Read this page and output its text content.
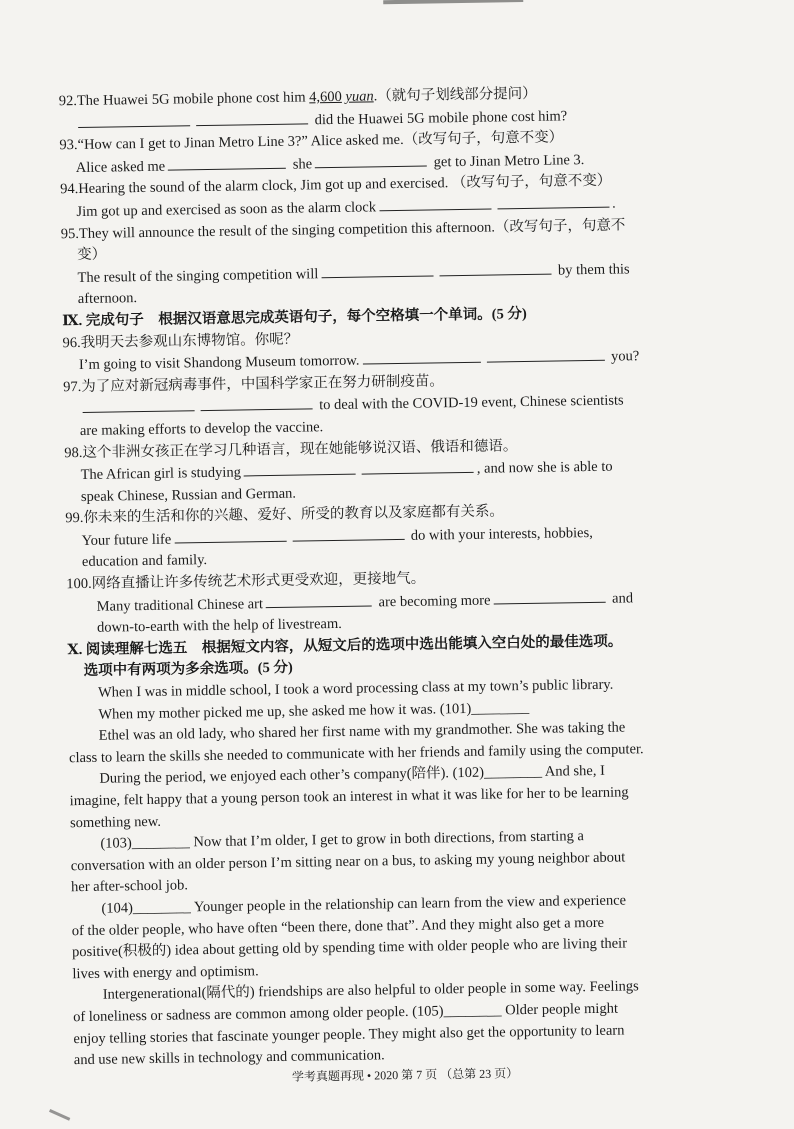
92.The Huawei 5G mobile phone cost him 4,600 yuan.（就句子划线部分提问）

did the Huawei 5G mobile phone cost him?

93.“How can I get to Jinan Metro Line 3?” Alice asked me.（改写句子，句意不变）

Alice asked me	she	get to Jinan Metro Line 3.

94.Hearing the sound of the alarm clock, Jim got up and exercised. （改写句子，句意不变）

Jim got up and exercised as soon as the alarm clock	.

95.They will announce the result of the singing competition this afternoon.（改写句子，句意不

变）

The result of the singing competition will	by them this

afternoon.

Ⅸ. 完成句子　根据汉语意思完成英语句子，每个空格填一个单词。(5 分)

96.我明天去参观山东博物馆。你呢？

I’m going to visit Shandong Museum tomorrow.	you?

97.为了应对新冠病毒事件，中国科学家正在努力研制疫苗。

to deal with the COVID-19 event, Chinese scientists

are making efforts to develop the vaccine.

98.这个非洲女孩正在学习几种语言，现在她能够说汉语、俄语和德语。

The African girl is studying	, and now she is able to

speak Chinese, Russian and German.

99.你未来的生活和你的兴趣、爱好、所受的教育以及家庭都有关系。

Your future life	do with your interests, hobbies,

education and family.

100.网络直播让许多传统艺术形式更受欢迎，更接地气。

Many traditional Chinese art	are becoming more	and

down-to-earth with the help of livestream.

Ⅹ. 阅读理解七选五　根据短文内容，从短文后的选项中选出能填入空白处的最佳选项。

选项中有两项为多余选项。(5 分)

When I was in middle school, I took a word processing class at my town’s public library.

When my mother picked me up, she asked me how it was. (101)________

Ethel was an old lady, who shared her first name with my grandmother. She was taking the

class to learn the skills she needed to communicate with her friends and family using the computer.

During the period, we enjoyed each other’s company(陪伴). (102)________ And she, I

imagine, felt happy that a young person took an interest in what it was like for her to be learning

something new.

(103)________ Now that I’m older, I get to grow in both directions, from starting a

conversation with an older person I’m sitting near on a bus, to asking my young neighbor about

her after-school job.

(104)________ Younger people in the relationship can learn from the view and experience

of the older people, who have often “been there, done that”. And they might also get a more

positive(积极的) idea about getting old by spending time with older people who are living their

lives with energy and optimism.

Intergenerational(隔代的) friendships are also helpful to older people in some way. Feelings

of loneliness or sadness are common among older people. (105)________ Older people might

enjoy telling stories that fascinate younger people. They might also get the opportunity to learn

and use new skills in technology and communication.

学考真题再现 • 2020 第 7 页 （总第 23 页）
